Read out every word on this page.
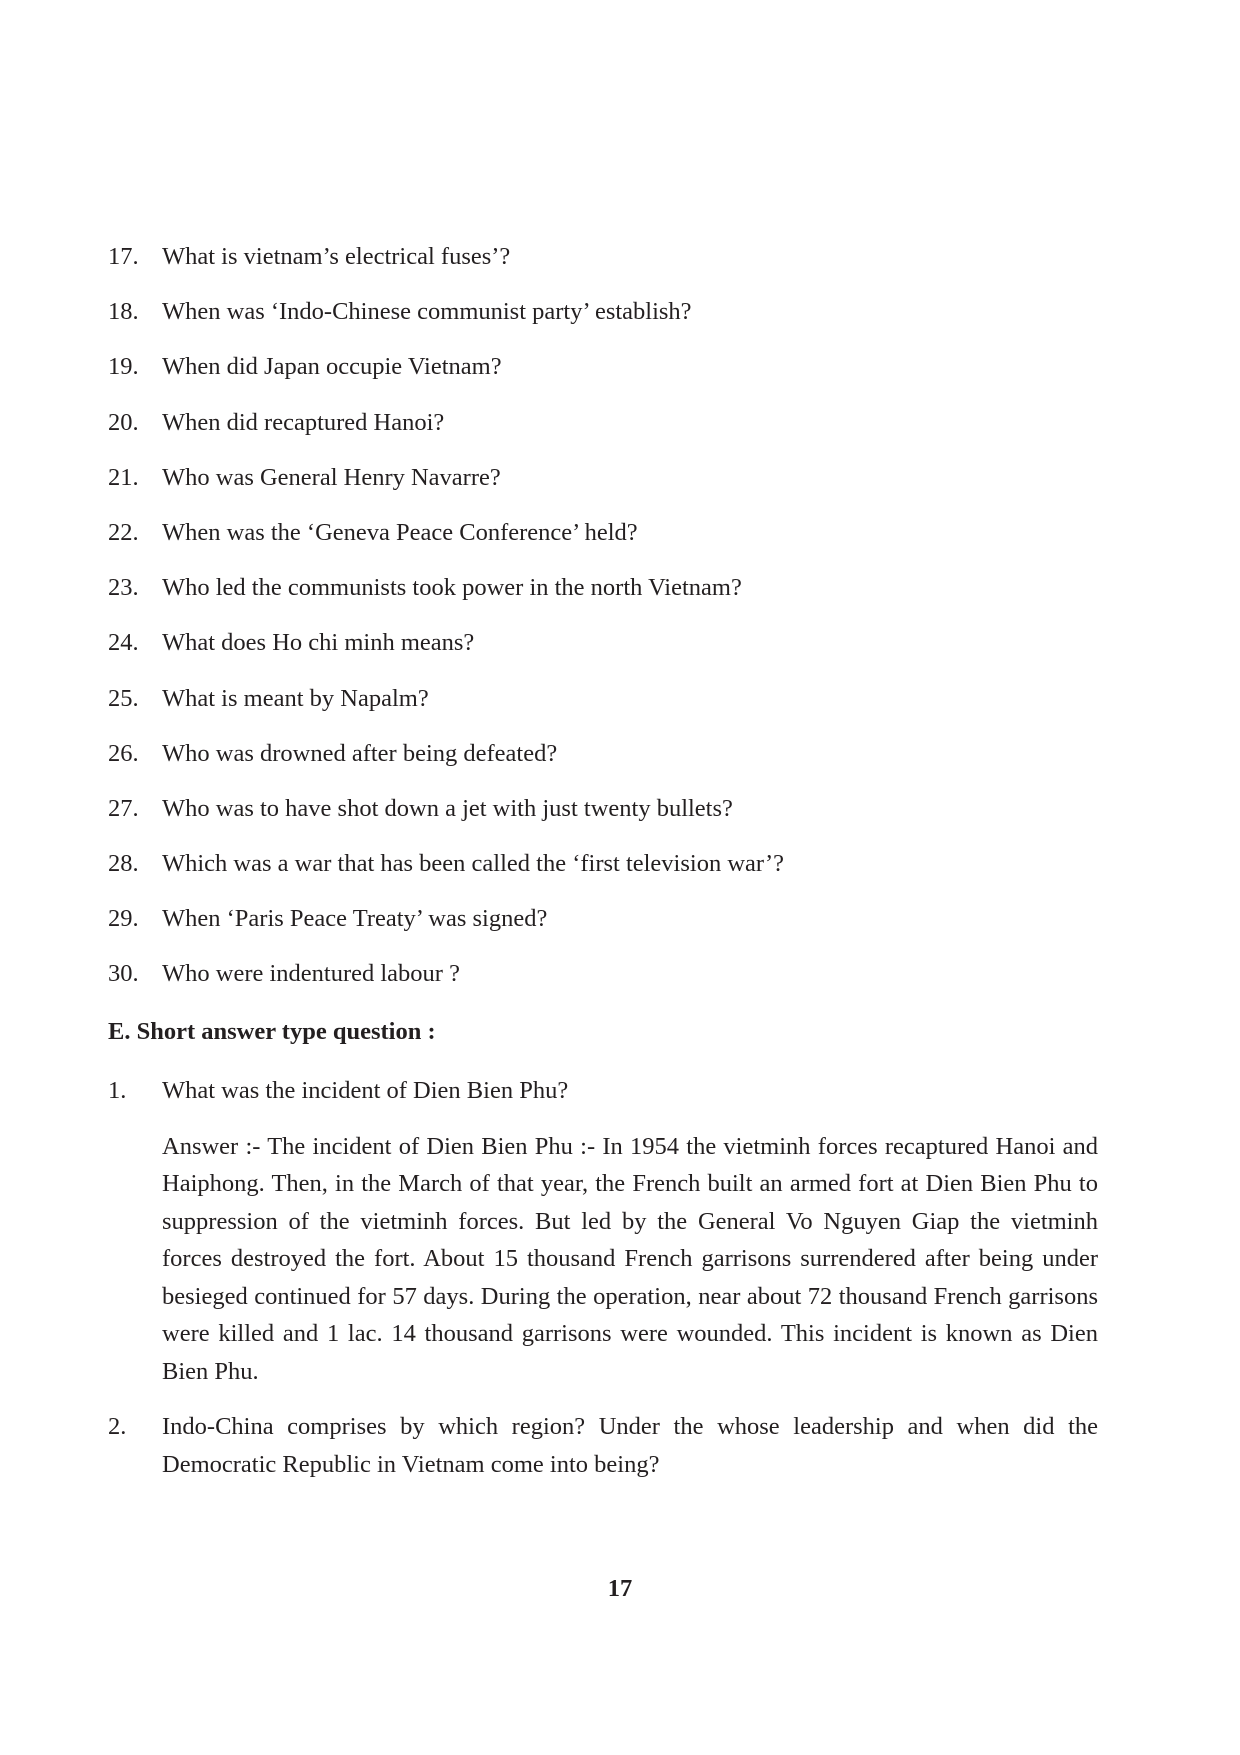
17. What is vietnam’s electrical fuses’?
18. When was ‘Indo-Chinese communist party’ establish?
19. When did Japan occupie Vietnam?
20. When did recaptured Hanoi?
21. Who was General Henry Navarre?
22. When was the ‘Geneva Peace Conference’ held?
23. Who led the communists took power in the north Vietnam?
24. What does Ho chi minh means?
25. What is meant by Napalm?
26. Who was drowned after being defeated?
27. Who was to have shot down a jet with just twenty bullets?
28. Which was a war that has been called the ‘first television war’?
29. When ‘Paris Peace Treaty’ was signed?
30. Who were indentured labour ?
E. Short answer type question :
1.	What was the incident of Dien Bien Phu?

Answer :- The incident of Dien Bien Phu :- In 1954 the vietminh forces recaptured Hanoi and Haiphong. Then, in the March of that year, the French built an armed fort at Dien Bien Phu to suppression of the vietminh forces. But led by the General Vo Nguyen Giap the vietminh forces destroyed the fort. About 15 thousand French garrisons surrendered after being under besieged continued for 57 days. During the operation, near about 72 thousand French garrisons were killed and 1 lac. 14 thousand garrisons were wounded. This incident is known as Dien Bien Phu.

2.	Indo-China comprises by which region? Under the whose leadership and when did the Democratic Republic in Vietnam come into being?

17
